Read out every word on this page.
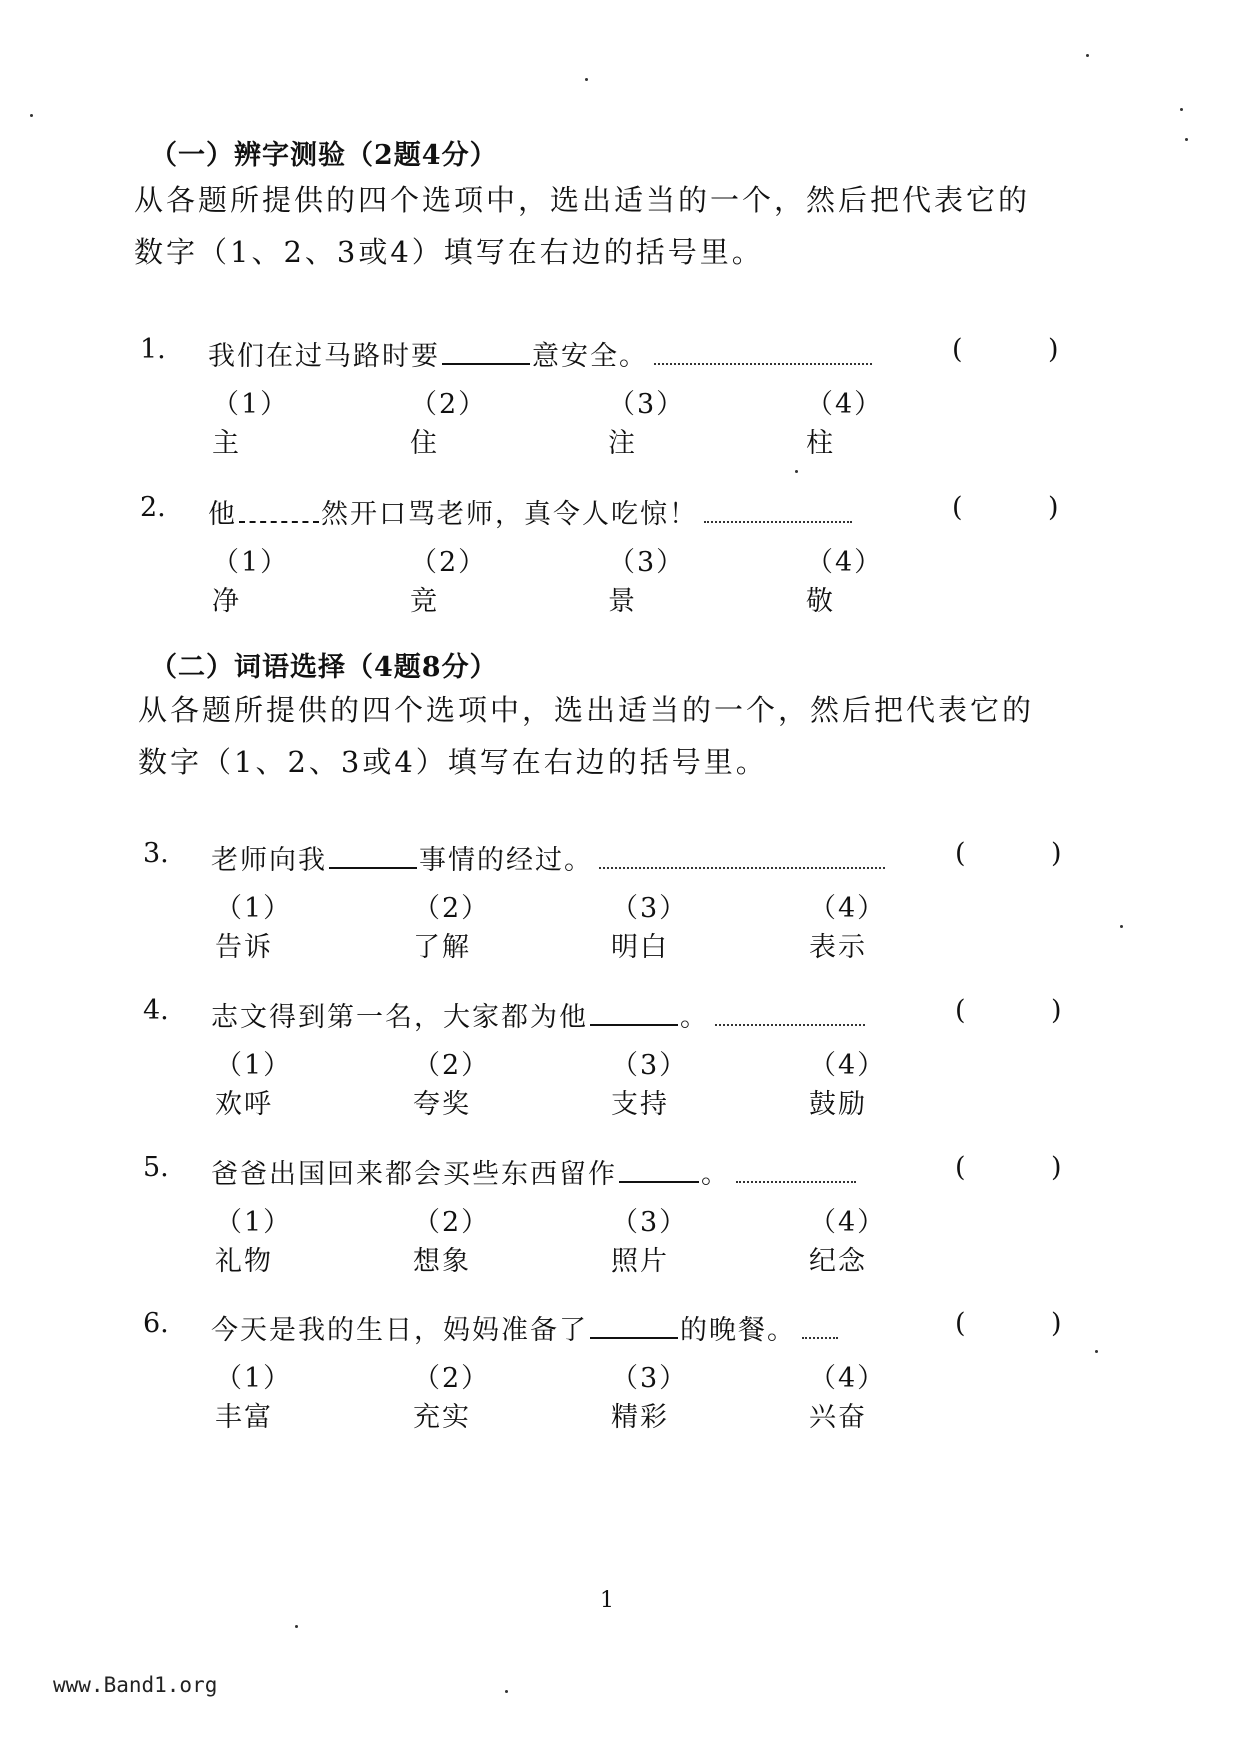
（一）辨字测验（2题4分）
从各题所提供的四个选项中，选出适当的一个，然后把代表它的数字（1、2、3或4）填写在右边的括号里。
1.	我们在过马路时要	意安全。	(	)
（1）主
（2）住
（3）注
（4）柱
2.	他	然开口骂老师，真令人吃惊！	(	)
（1）净
（2）竞
（3）景
（4）敬
（二）词语选择（4题8分）
从各题所提供的四个选项中，选出适当的一个，然后把代表它的数字（1、2、3或4）填写在右边的括号里。
3.	老师向我	事情的经过。	(	)
（1）告诉
（2）了解
（3）明白
（4）表示
4.	志文得到第一名，大家都为他	。	(	)
（1）欢呼
（2）夸奖
（3）支持
（4）鼓励
5.	爸爸出国回来都会买些东西留作	。	(	)
（1）礼物
（2）想象
（3）照片
（4）纪念
6.	今天是我的生日，妈妈准备了	的晚餐。	(	)
（1）丰富
（2）充实
（3）精彩
（4）兴奋
1
www.Band1.org
